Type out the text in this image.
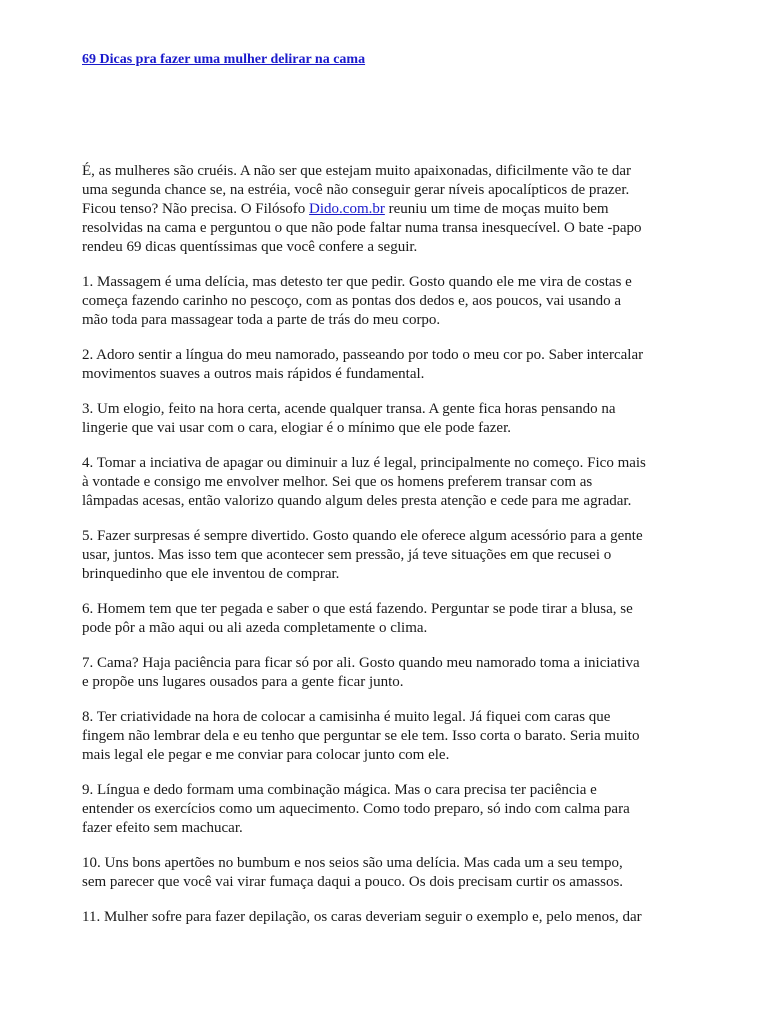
69 Dicas pra fazer uma mulher delirar na cama

É, as mulheres são cruéis. A não ser que estejam muito apaixonadas, dificilmente vão te dar
uma segunda chance se, na estréia, você não conseguir gerar níveis apocalípticos de prazer.
Ficou tenso? Não precisa. O Filósofo Dido.com.br reuniu um time de moças muito bem
resolvidas na cama e perguntou o que não pode faltar numa transa inesquecível. O bate -papo
rendeu 69 dicas quentíssimas que você confere a seguir.

1. Massagem é uma delícia, mas detesto ter que pedir. Gosto quando ele me vira de costas e
começa fazendo carinho no pescoço, com as pontas dos dedos e, aos poucos, vai usando a
mão toda para massagear toda a parte de trás do meu corpo.

2. Adoro sentir a língua do meu namorado, passeando por todo o meu cor po. Saber intercalar
movimentos suaves a outros mais rápidos é fundamental.

3. Um elogio, feito na hora certa, acende qualquer transa. A gente fica horas pensando na
lingerie que vai usar com o cara, elogiar é o mínimo que ele pode fazer.

4. Tomar a inciativa de apagar ou diminuir a luz é legal, principalmente no começo. Fico mais
à vontade e consigo me envolver melhor. Sei que os homens preferem transar com as
lâmpadas acesas, então valorizo quando algum deles presta atenção e cede para me agradar.

5. Fazer surpresas é sempre divertido. Gosto quando ele oferece algum acessório para a gente
usar, juntos. Mas isso tem que acontecer sem pressão, já teve situações em que recusei o
brinquedinho que ele inventou de comprar.

6. Homem tem que ter pegada e saber o que está fazendo. Perguntar se pode tirar a blusa, se
pode pôr a mão aqui ou ali azeda completamente o clima.

7. Cama? Haja paciência para ficar só por ali. Gosto quando meu namorado toma a iniciativa
e propõe uns lugares ousados para a gente ficar junto.

8. Ter criatividade na hora de colocar a camisinha é muito legal. Já fiquei com caras que
fingem não lembrar dela e eu tenho que perguntar se ele tem. Isso corta o barato. Seria muito
mais legal ele pegar e me conviar para colocar junto com ele.

9. Língua e dedo formam uma combinação mágica. Mas o cara precisa ter paciência e
entender os exercícios como um aquecimento. Como todo preparo, só indo com calma para
fazer efeito sem machucar.

10. Uns bons apertões no bumbum e nos seios são uma delícia. Mas cada um a seu tempo,
sem parecer que você vai virar fumaça daqui a pouco. Os dois precisam curtir os amassos.

11. Mulher sofre para fazer depilação, os caras deveriam seguir o exemplo e, pelo menos, dar
